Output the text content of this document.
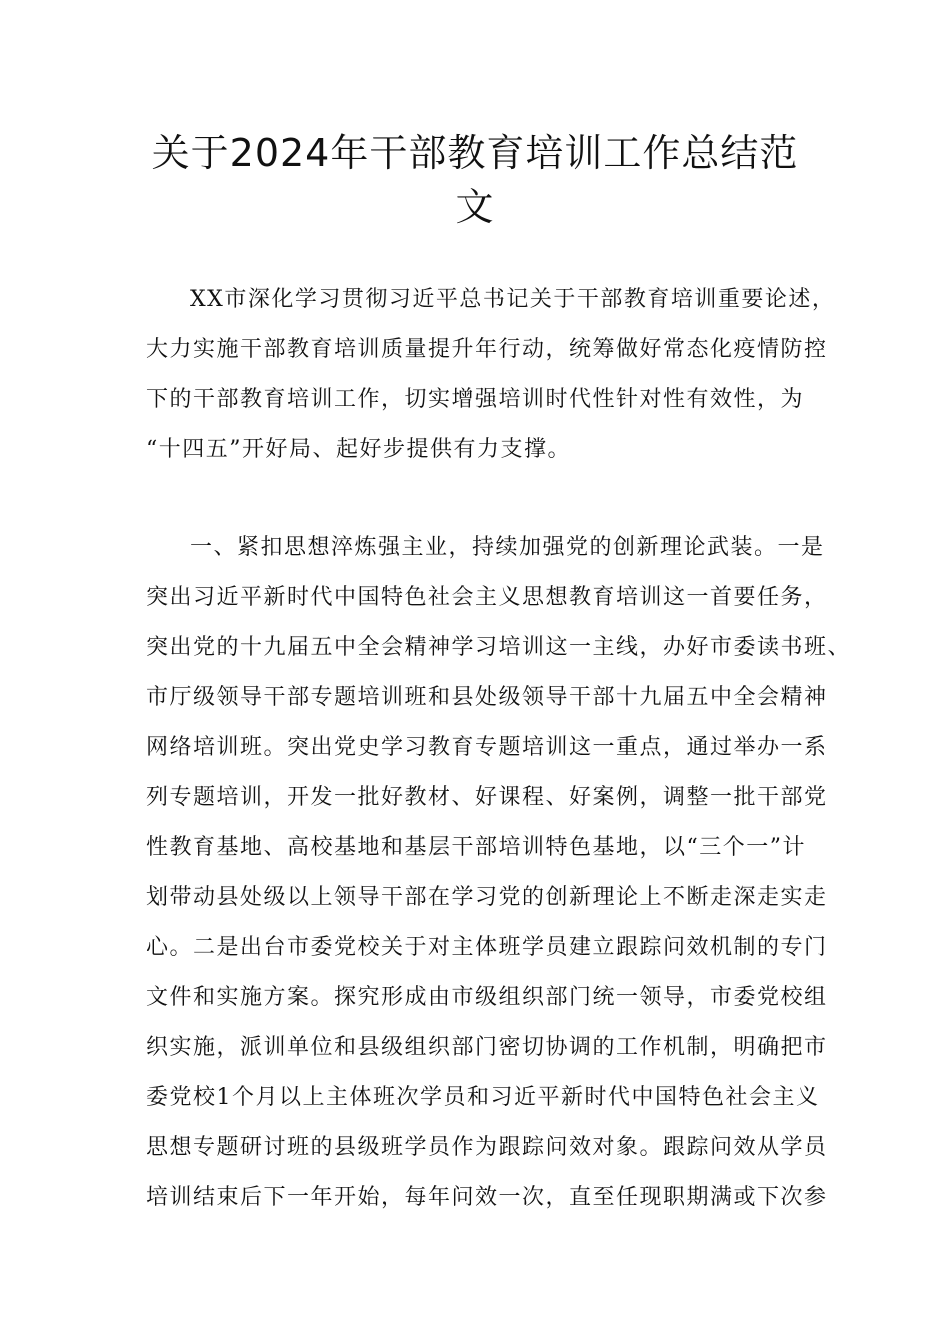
关于2024年干部教育培训工作总结范
文

XX市深化学习贯彻习近平总书记关于干部教育培训重要论述，

大力实施干部教育培训质量提升年行动，统筹做好常态化疫情防控

下的干部教育培训工作，切实增强培训时代性针对性有效性，为

“十四五”开好局、起好步提供有力支撑。

一、紧扣思想淬炼强主业，持续加强党的创新理论武装。一是

突出习近平新时代中国特色社会主义思想教育培训这一首要任务，

突出党的十九届五中全会精神学习培训这一主线，办好市委读书班、

市厅级领导干部专题培训班和县处级领导干部十九届五中全会精神

网络培训班。突出党史学习教育专题培训这一重点，通过举办一系

列专题培训，开发一批好教材、好课程、好案例，调整一批干部党

性教育基地、高校基地和基层干部培训特色基地，以“三个一”计

划带动县处级以上领导干部在学习党的创新理论上不断走深走实走

心。二是出台市委党校关于对主体班学员建立跟踪问效机制的专门

文件和实施方案。探究形成由市级组织部门统一领导，市委党校组

织实施，派训单位和县级组织部门密切协调的工作机制，明确把市

委党校1个月以上主体班次学员和习近平新时代中国特色社会主义

思想专题研讨班的县级班学员作为跟踪问效对象。跟踪问效从学员

培训结束后下一年开始，每年问效一次，直至任现职期满或下次参
